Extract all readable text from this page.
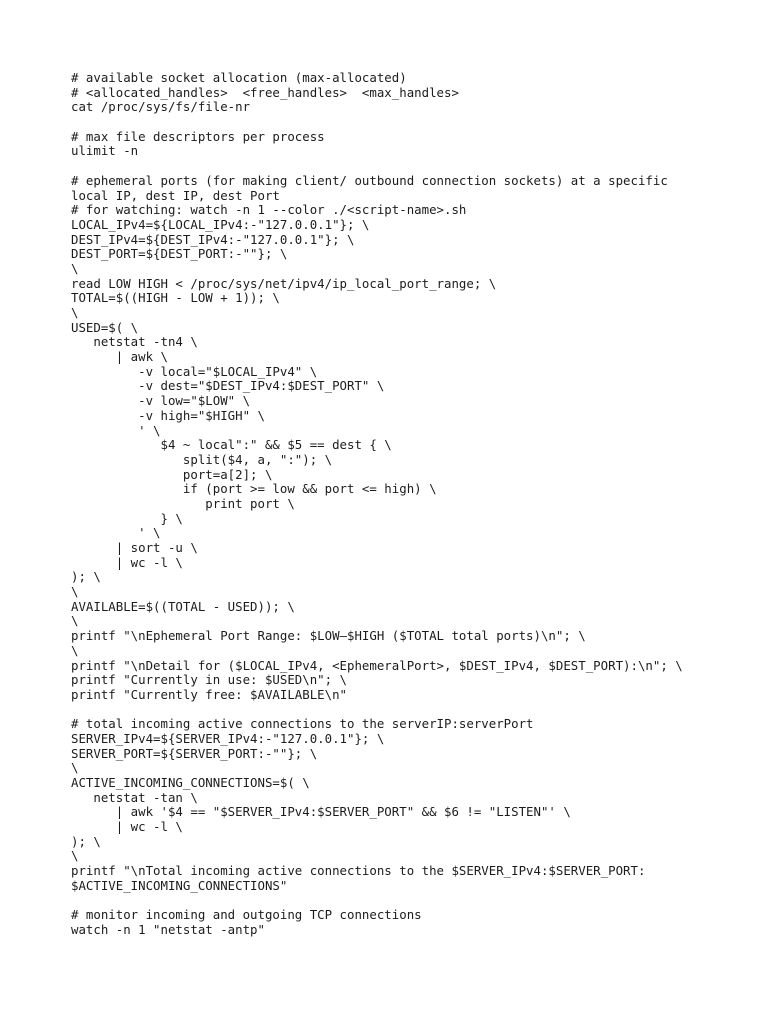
# available socket allocation (max-allocated)
# <allocated_handles>  <free_handles>  <max_handles>
cat /proc/sys/fs/file-nr
# max file descriptors per process
ulimit -n
# ephemeral ports (for making client/ outbound connection sockets) at a specific
local IP, dest IP, dest Port
# for watching: watch -n 1 --color ./<script-name>.sh
LOCAL_IPv4=${LOCAL_IPv4:-"127.0.0.1"}; \
DEST_IPv4=${DEST_IPv4:-"127.0.0.1"}; \
DEST_PORT=${DEST_PORT:-""}; \
\
read LOW HIGH < /proc/sys/net/ipv4/ip_local_port_range; \
TOTAL=$((HIGH - LOW + 1)); \
\
USED=$( \
netstat -tn4 \
| awk \
-v local="$LOCAL_IPv4" \
-v dest="$DEST_IPv4:$DEST_PORT" \
-v low="$LOW" \
-v high="$HIGH" \
' \
$4 ~ local":" && $5 == dest { \
split($4, a, ":"); \
port=a[2]; \
if (port >= low && port <= high) \
print port \
} \
' \
| sort -u \
| wc -l \
); \
\
AVAILABLE=$((TOTAL - USED)); \
\
printf "\nEphemeral Port Range: $LOW–$HIGH ($TOTAL total ports)\n"; \
\
printf "\nDetail for ($LOCAL_IPv4, <EphemeralPort>, $DEST_IPv4, $DEST_PORT):\n"; \
printf "Currently in use: $USED\n"; \
printf "Currently free: $AVAILABLE\n"
# total incoming active connections to the serverIP:serverPort
SERVER_IPv4=${SERVER_IPv4:-"127.0.0.1"}; \
SERVER_PORT=${SERVER_PORT:-""}; \
\
ACTIVE_INCOMING_CONNECTIONS=$( \
netstat -tan \
| awk '$4 == "$SERVER_IPv4:$SERVER_PORT" && $6 != "LISTEN"' \
| wc -l \
); \
\
printf "\nTotal incoming active connections to the $SERVER_IPv4:$SERVER_PORT:
$ACTIVE_INCOMING_CONNECTIONS"
# monitor incoming and outgoing TCP connections
watch -n 1 "netstat -antp"
